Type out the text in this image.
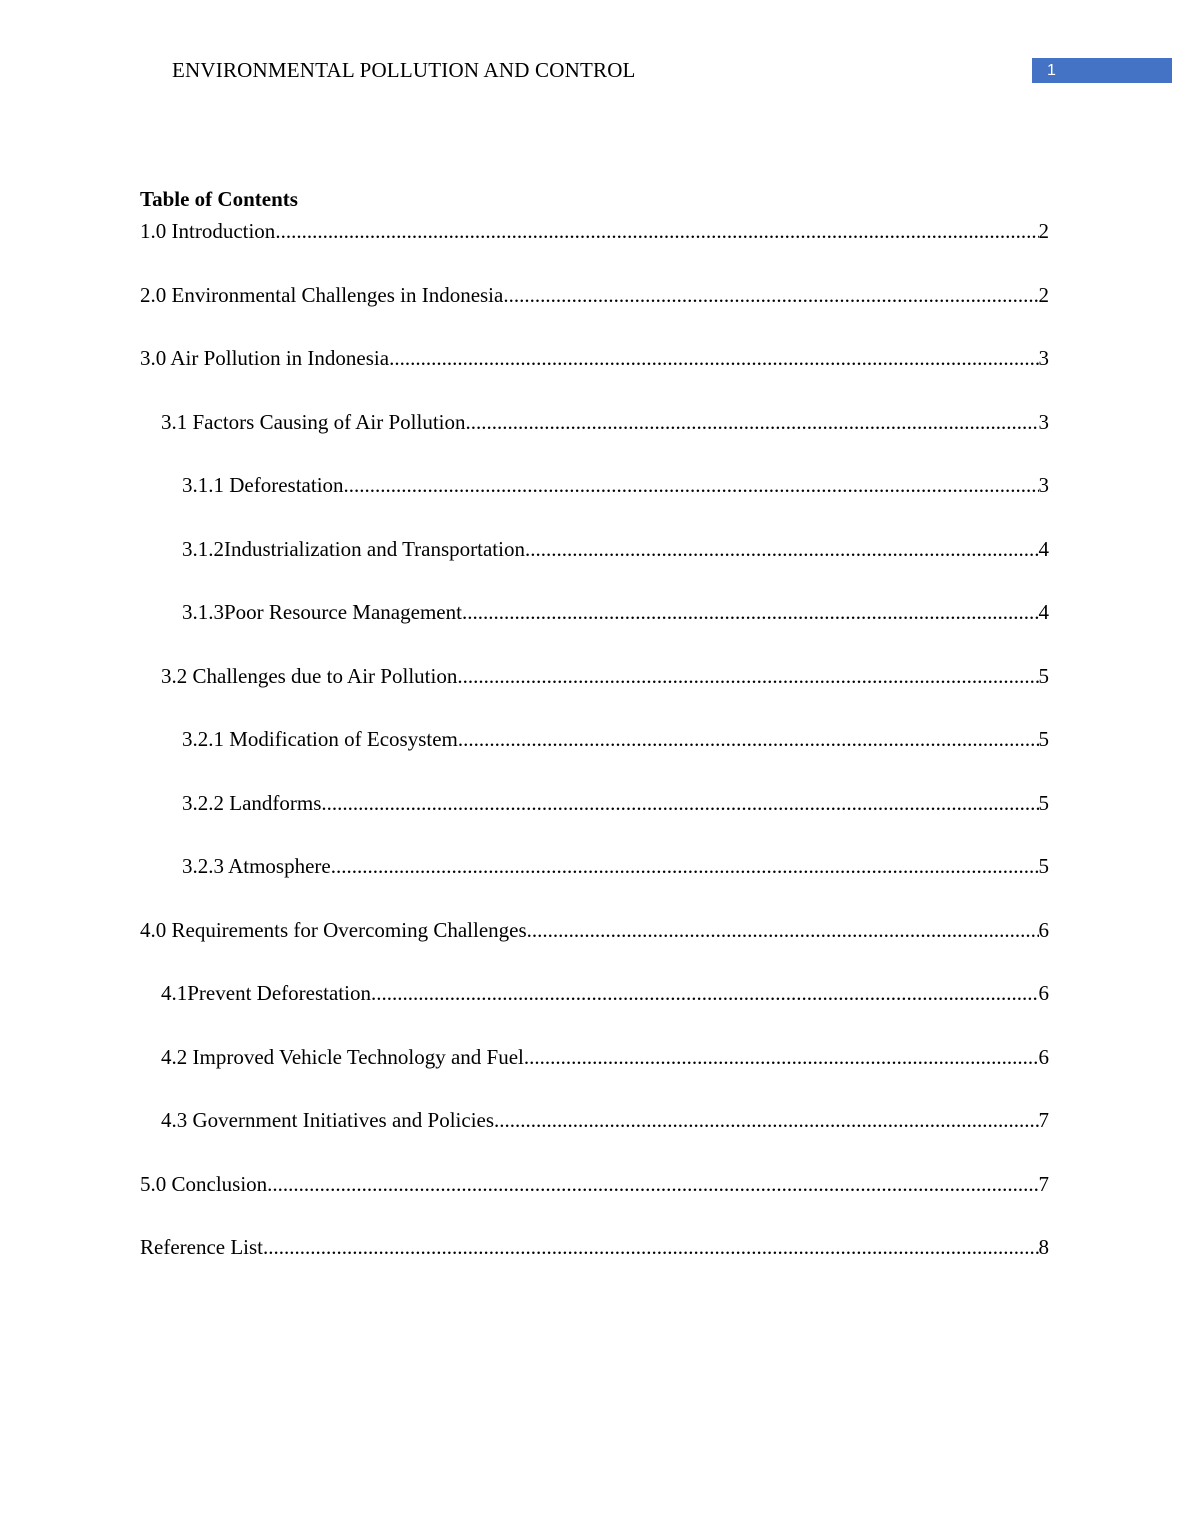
ENVIRONMENTAL POLLUTION AND CONTROL	1
Table of Contents
1.0 Introduction .....	2
2.0 Environmental Challenges in Indonesia .....	2
3.0 Air Pollution in Indonesia .....	3
3.1 Factors Causing of Air Pollution .....	3
3.1.1 Deforestation .....	3
3.1.2Industrialization and Transportation .....	4
3.1.3Poor Resource Management .....	4
3.2 Challenges due to Air Pollution .....	5
3.2.1 Modification of Ecosystem .....	5
3.2.2 Landforms .....	5
3.2.3 Atmosphere .....	5
4.0 Requirements for Overcoming Challenges .....	6
4.1Prevent Deforestation .....	6
4.2 Improved Vehicle Technology and Fuel .....	6
4.3 Government Initiatives and Policies .....	7
5.0 Conclusion .....	7
Reference List .....	8
